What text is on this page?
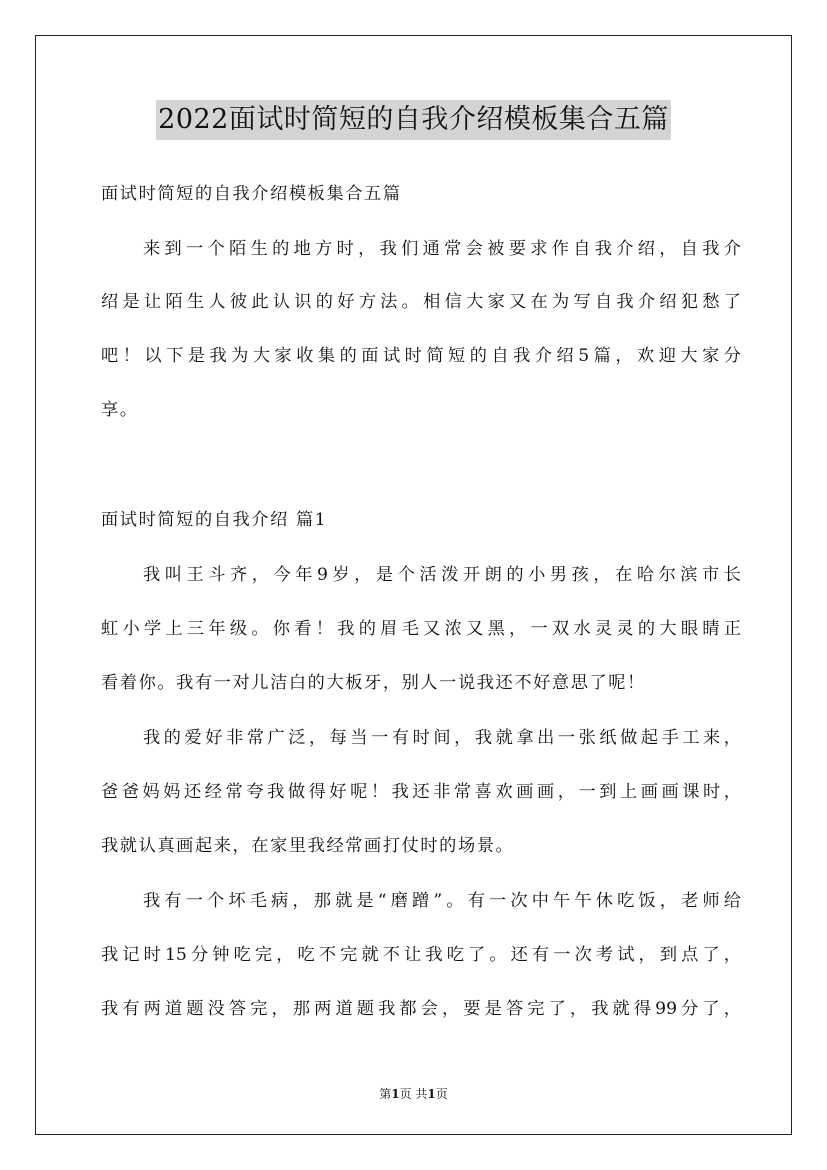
2022面试时简短的自我介绍模板集合五篇
面试时简短的自我介绍模板集合五篇
来到一个陌生的地方时，我们通常会被要求作自我介绍，自我介
绍是让陌生人彼此认识的好方法。相信大家又在为写自我介绍犯愁了
吧！以下是我为大家收集的面试时简短的自我介绍5篇，欢迎大家分
享。
面试时简短的自我介绍 篇1
我叫王斗齐，今年9岁，是个活泼开朗的小男孩，在哈尔滨市长
虹小学上三年级。你看！我的眉毛又浓又黑，一双水灵灵的大眼睛正
看着你。我有一对儿洁白的大板牙，别人一说我还不好意思了呢！
我的爱好非常广泛，每当一有时间，我就拿出一张纸做起手工来，
爸爸妈妈还经常夸我做得好呢！我还非常喜欢画画，一到上画画课时，
我就认真画起来，在家里我经常画打仗时的场景。
我有一个坏毛病，那就是“磨蹭”。有一次中午午休吃饭，老师给
我记时15分钟吃完，吃不完就不让我吃了。还有一次考试，到点了，
我有两道题没答完，那两道题我都会，要是答完了，我就得99分了，
第1页 共1页
